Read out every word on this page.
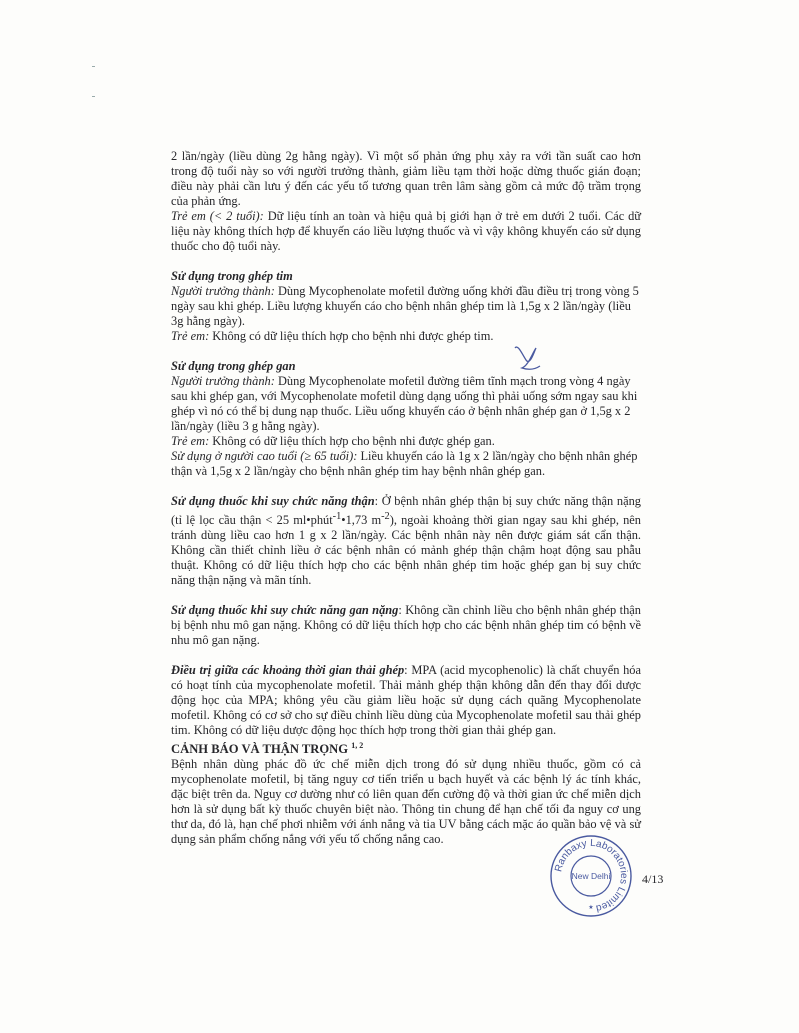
2 lần/ngày (liều dùng 2g hằng ngày). Vì một số phản ứng phụ xảy ra với tần suất cao hơn trong độ tuổi này so với người trưởng thành, giảm liều tạm thời hoặc dừng thuốc gián đoạn; điều này phải cần lưu ý đến các yếu tố tương quan trên lâm sàng gồm cả mức độ trầm trọng của phản ứng.

Trẻ em (< 2 tuổi): Dữ liệu tính an toàn và hiệu quả bị giới hạn ở trẻ em dưới 2 tuổi. Các dữ liệu này không thích hợp để khuyến cáo liều lượng thuốc và vì vậy không khuyến cáo sử dụng thuốc cho độ tuổi này.

Sử dụng trong ghép tim

Người trưởng thành: Dùng Mycophenolate mofetil đường uống khởi đầu điều trị trong vòng 5 ngày sau khi ghép. Liều lượng khuyến cáo cho bệnh nhân ghép tim là 1,5g x 2 lần/ngày (liều 3g hằng ngày).

Trẻ em: Không có dữ liệu thích hợp cho bệnh nhi được ghép tim.

Sử dụng trong ghép gan

Người trưởng thành: Dùng Mycophenolate mofetil đường tiêm tĩnh mạch trong vòng 4 ngày sau khi ghép gan, với Mycophenolate mofetil dùng dạng uống thì phải uống sớm ngay sau khi ghép vì nó có thể bị dung nạp thuốc. Liều uống khuyến cáo ở bệnh nhân ghép gan ở 1,5g x 2 lần/ngày (liều 3 g hằng ngày).

Trẻ em: Không có dữ liệu thích hợp cho bệnh nhi được ghép gan.

Sử dụng ở người cao tuổi (≥ 65 tuổi): Liều khuyến cáo là 1g x 2 lần/ngày cho bệnh nhân ghép thận và 1,5g x 2 lần/ngày cho bệnh nhân ghép tim hay bệnh nhân ghép gan.

Sử dụng thuốc khi suy chức năng thận: Ở bệnh nhân ghép thận bị suy chức năng thận nặng (tỉ lệ lọc cầu thận < 25 ml•phút$^{-1}$•1,73 $m^{-2}$), ngoài khoảng thời gian ngay sau khi ghép, nên tránh dùng liều cao hơn 1 g x 2 lần/ngày. Các bệnh nhân này nên được giám sát cẩn thận. Không cần thiết chỉnh liều ở các bệnh nhân có mảnh ghép thận chậm hoạt động sau phẫu thuật. Không có dữ liệu thích hợp cho các bệnh nhân ghép tim hoặc ghép gan bị suy chức năng thận nặng và mãn tính.

Sử dụng thuốc khi suy chức năng gan nặng: Không cần chỉnh liều cho bệnh nhân ghép thận bị bệnh nhu mô gan nặng. Không có dữ liệu thích hợp cho các bệnh nhân ghép tim có bệnh về nhu mô gan nặng.

Điều trị giữa các khoảng thời gian thải ghép: MPA (acid mycophenolic) là chất chuyển hóa có hoạt tính của mycophenolate mofetil. Thải mảnh ghép thận không dẫn đến thay đổi dược động học của MPA; không yêu cầu giảm liều hoặc sử dụng cách quãng Mycophenolate mofetil. Không có cơ sở cho sự điều chỉnh liều dùng của Mycophenolate mofetil sau thải ghép tim. Không có dữ liệu dược động học thích hợp trong thời gian thải ghép gan.

CẢNH BÁO VÀ THẬN TRỌNG $^{1, 2}$

Bệnh nhân dùng phác đồ ức chế miễn dịch trong đó sử dụng nhiều thuốc, gồm có cả mycophenolate mofetil, bị tăng nguy cơ tiến triển u bạch huyết và các bệnh lý ác tính khác, đặc biệt trên da. Nguy cơ dường như có liên quan đến cường độ và thời gian ức chế miễn dịch hơn là sử dụng bất kỳ thuốc chuyên biệt nào. Thông tin chung để hạn chế tối đa nguy cơ ung thư da, đó là, hạn chế phơi nhiễm với ánh nắng và tia UV bằng cách mặc áo quần bảo vệ và sử dụng sản phẩm chống nắng với yếu tố chống nắng cao.

Ranbaxy Laboratories Limited
New Delhi
★
4/13
